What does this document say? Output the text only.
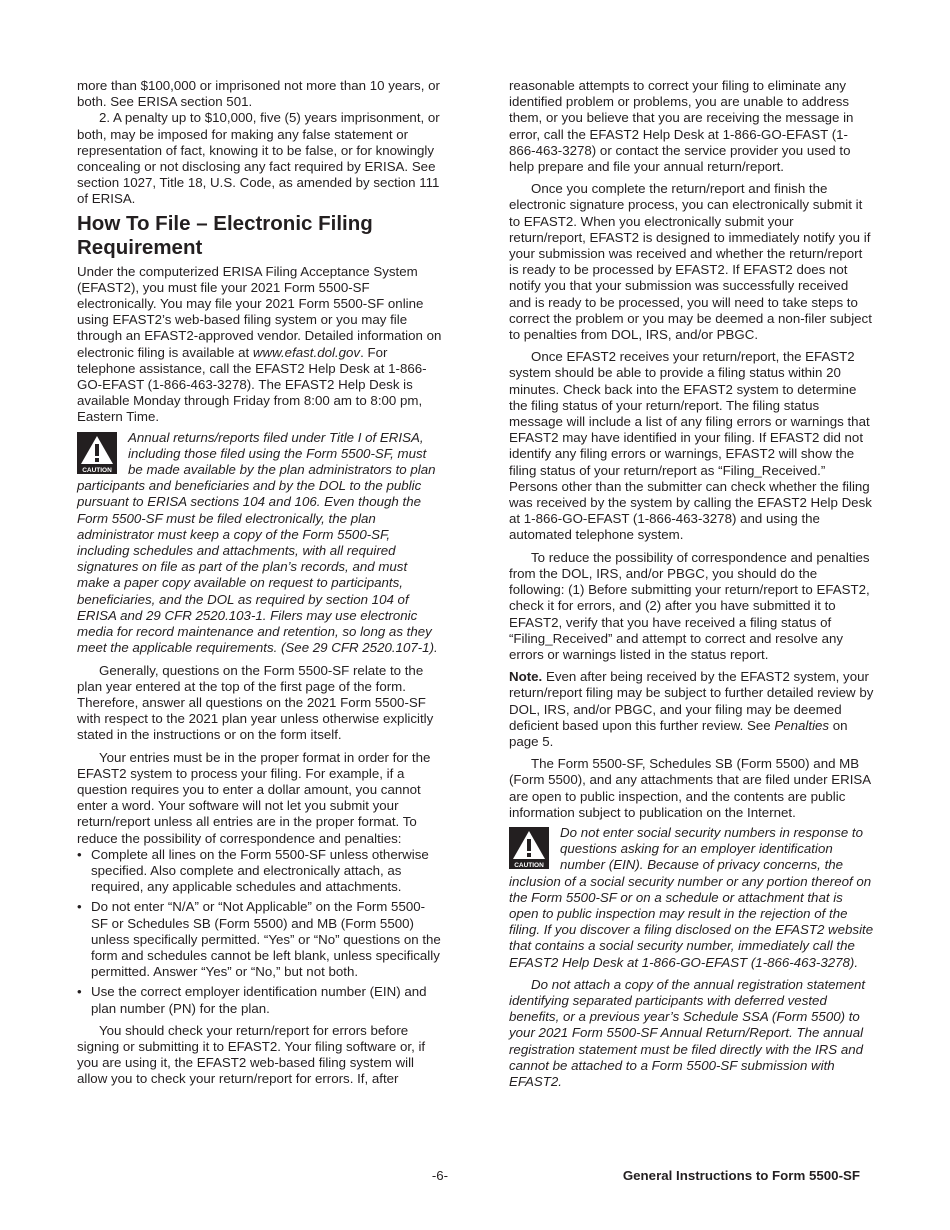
more than $100,000 or imprisoned not more than 10 years, or both. See ERISA section 501.

2. A penalty up to $10,000, five (5) years imprisonment, or both, may be imposed for making any false statement or representation of fact, knowing it to be false, or for knowingly concealing or not disclosing any fact required by ERISA. See section 1027, Title 18, U.S. Code, as amended by section 111 of ERISA.

How To File – Electronic Filing Requirement

Under the computerized ERISA Filing Acceptance System (EFAST2), you must file your 2021 Form 5500-SF electronically. You may file your 2021 Form 5500-SF online using EFAST2’s web-based filing system or you may file through an EFAST2-approved vendor. Detailed information on electronic filing is available at www.efast.dol.gov. For telephone assistance, call the EFAST2 Help Desk at 1-866-GO-EFAST (1-866-463-3278). The EFAST2 Help Desk is available Monday through Friday from 8:00 am to 8:00 pm, Eastern Time.

CAUTION
Annual returns/reports filed under Title I of ERISA, including those filed using the Form 5500-SF, must be made available by the plan administrators to plan participants and beneficiaries and by the DOL to the public pursuant to ERISA sections 104 and 106. Even though the Form 5500-SF must be filed electronically, the plan administrator must keep a copy of the Form 5500-SF, including schedules and attachments, with all required signatures on file as part of the plan’s records, and must make a paper copy available on request to participants, beneficiaries, and the DOL as required by section 104 of ERISA and 29 CFR 2520.103-1. Filers may use electronic media for record maintenance and retention, so long as they meet the applicable requirements. (See 29 CFR 2520.107-1).

Generally, questions on the Form 5500-SF relate to the plan year entered at the top of the first page of the form. Therefore, answer all questions on the 2021 Form 5500-SF with respect to the 2021 plan year unless otherwise explicitly stated in the instructions or on the form itself.

Your entries must be in the proper format in order for the EFAST2 system to process your filing. For example, if a question requires you to enter a dollar amount, you cannot enter a word. Your software will not let you submit your return/report unless all entries are in the proper format. To reduce the possibility of correspondence and penalties:

• Complete all lines on the Form 5500-SF unless otherwise specified. Also complete and electronically attach, as required, any applicable schedules and attachments.
• Do not enter “N/A” or “Not Applicable” on the Form 5500-SF or Schedules SB (Form 5500) and MB (Form 5500) unless specifically permitted. “Yes” or “No” questions on the form and schedules cannot be left blank, unless specifically permitted. Answer “Yes” or “No,” but not both.
• Use the correct employer identification number (EIN) and plan number (PN) for the plan.

You should check your return/report for errors before signing or submitting it to EFAST2. Your filing software or, if you are using it, the EFAST2 web-based filing system will allow you to check your return/report for errors. If, after

reasonable attempts to correct your filing to eliminate any identified problem or problems, you are unable to address them, or you believe that you are receiving the message in error, call the EFAST2 Help Desk at 1-866-GO-EFAST (1-866-463-3278) or contact the service provider you used to help prepare and file your annual return/report.

Once you complete the return/report and finish the electronic signature process, you can electronically submit it to EFAST2. When you electronically submit your return/report, EFAST2 is designed to immediately notify you if your submission was received and whether the return/report is ready to be processed by EFAST2. If EFAST2 does not notify you that your submission was successfully received and is ready to be processed, you will need to take steps to correct the problem or you may be deemed a non-filer subject to penalties from DOL, IRS, and/or PBGC.

Once EFAST2 receives your return/report, the EFAST2 system should be able to provide a filing status within 20 minutes. Check back into the EFAST2 system to determine the filing status of your return/report. The filing status message will include a list of any filing errors or warnings that EFAST2 may have identified in your filing. If EFAST2 did not identify any filing errors or warnings, EFAST2 will show the filing status of your return/report as “Filing_Received.” Persons other than the submitter can check whether the filing was received by the system by calling the EFAST2 Help Desk at 1-866-GO-EFAST (1-866-463-3278) and using the automated telephone system.

To reduce the possibility of correspondence and penalties from the DOL, IRS, and/or PBGC, you should do the following: (1) Before submitting your return/report to EFAST2, check it for errors, and (2) after you have submitted it to EFAST2, verify that you have received a filing status of “Filing_Received” and attempt to correct and resolve any errors or warnings listed in the status report.

Note. Even after being received by the EFAST2 system, your return/report filing may be subject to further detailed review by DOL, IRS, and/or PBGC, and your filing may be deemed deficient based upon this further review. See Penalties on page 5.

The Form 5500-SF, Schedules SB (Form 5500) and MB (Form 5500), and any attachments that are filed under ERISA are open to public inspection, and the contents are public information subject to publication on the Internet.

CAUTION
Do not enter social security numbers in response to questions asking for an employer identification number (EIN). Because of privacy concerns, the inclusion of a social security number or any portion thereof on the Form 5500-SF or on a schedule or attachment that is open to public inspection may result in the rejection of the filing. If you discover a filing disclosed on the EFAST2 website that contains a social security number, immediately call the EFAST2 Help Desk at 1-866-GO-EFAST (1-866-463-3278).

Do not attach a copy of the annual registration statement identifying separated participants with deferred vested benefits, or a previous year’s Schedule SSA (Form 5500) to your 2021 Form 5500-SF Annual Return/Report. The annual registration statement must be filed directly with the IRS and cannot be attached to a Form 5500-SF submission with EFAST2.

-6-	General Instructions to Form 5500-SF
